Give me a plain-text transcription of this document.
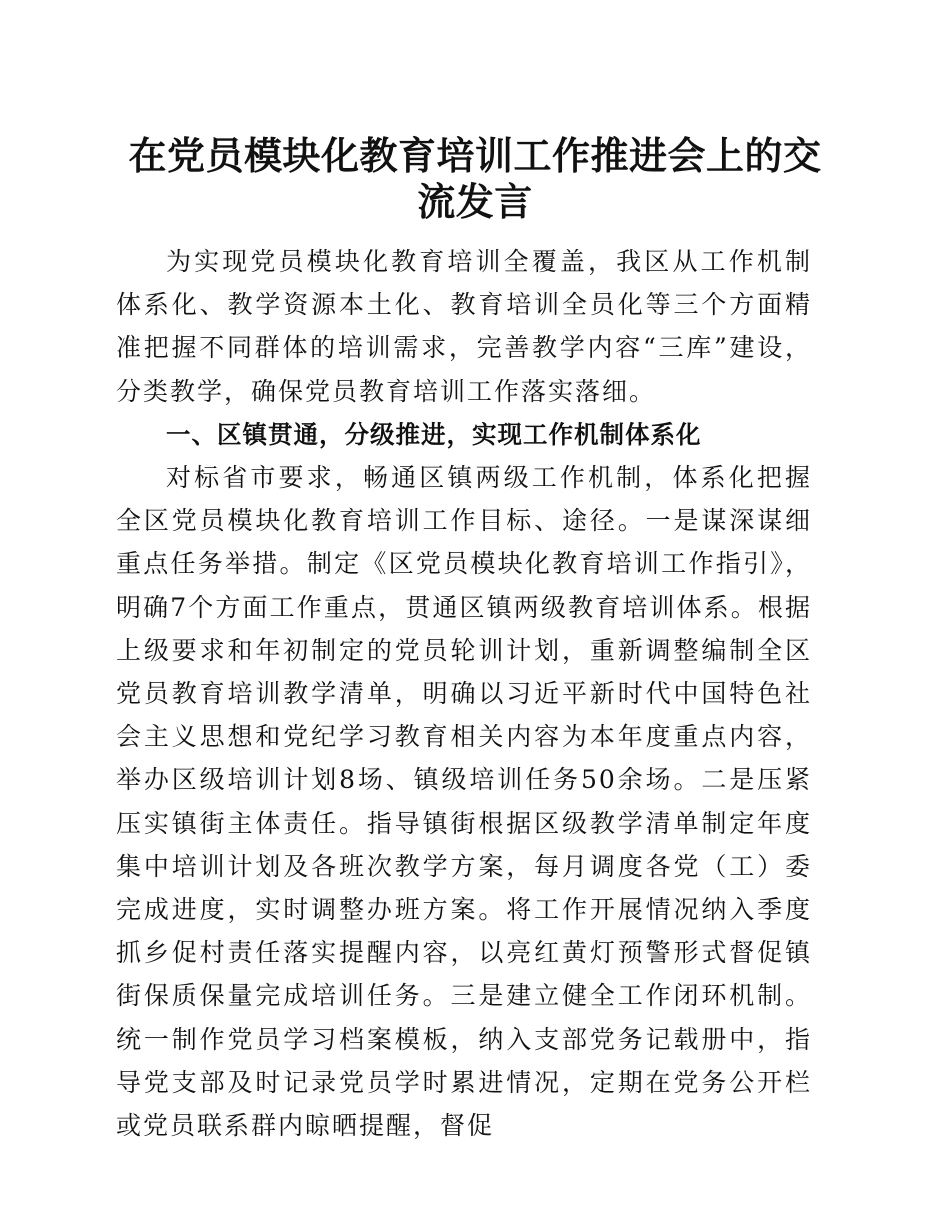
在党员模块化教育培训工作推进会上的交流发言

为实现党员模块化教育培训全覆盖，我区从工作机制体系化、教学资源本土化、教育培训全员化等三个方面精准把握不同群体的培训需求，完善教学内容“三库”建设，分类教学，确保党员教育培训工作落实落细。

一、区镇贯通，分级推进，实现工作机制体系化

对标省市要求，畅通区镇两级工作机制，体系化把握全区党员模块化教育培训工作目标、途径。一是谋深谋细重点任务举措。制定《区党员模块化教育培训工作指引》，明确7个方面工作重点，贯通区镇两级教育培训体系。根据上级要求和年初制定的党员轮训计划，重新调整编制全区党员教育培训教学清单，明确以习近平新时代中国特色社会主义思想和党纪学习教育相关内容为本年度重点内容，举办区级培训计划8场、镇级培训任务50余场。二是压紧压实镇街主体责任。指导镇街根据区级教学清单制定年度集中培训计划及各班次教学方案，每月调度各党（工）委完成进度，实时调整办班方案。将工作开展情况纳入季度抓乡促村责任落实提醒内容，以亮红黄灯预警形式督促镇街保质保量完成培训任务。三是建立健全工作闭环机制。统一制作党员学习档案模板，纳入支部党务记载册中，指导党支部及时记录党员学时累进情况，定期在党务公开栏或党员联系群内晾晒提醒，督促
